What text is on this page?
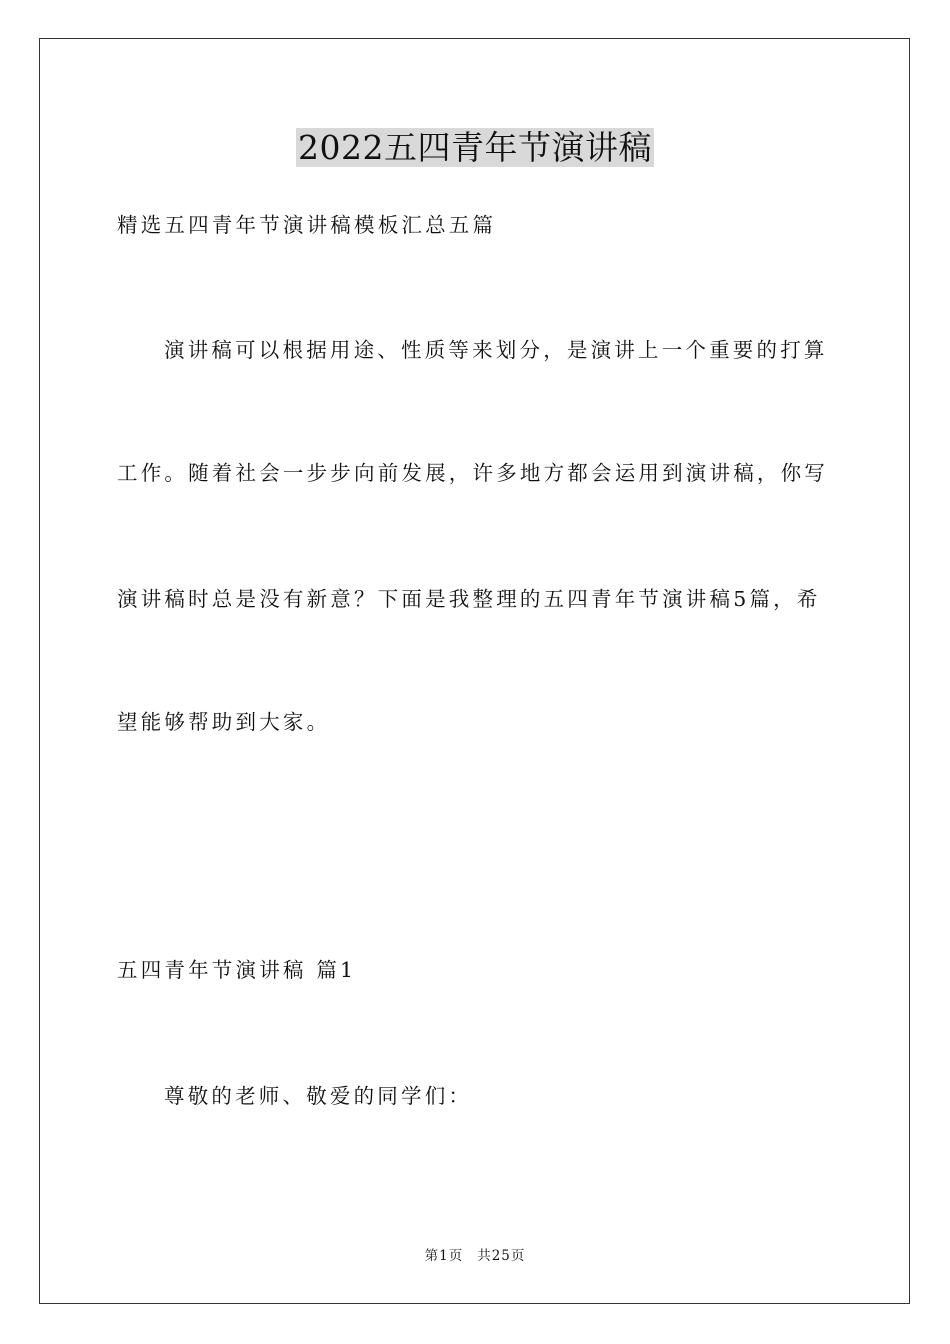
2022五四青年节演讲稿
精选五四青年节演讲稿模板汇总五篇
演讲稿可以根据用途、性质等来划分，是演讲上一个重要的打算
工作。随着社会一步步向前发展，许多地方都会运用到演讲稿，你写
演讲稿时总是没有新意？下面是我整理的五四青年节演讲稿5篇，希
望能够帮助到大家。
五四青年节演讲稿 篇1
尊敬的老师、敬爱的同学们：
第1页 共25页
